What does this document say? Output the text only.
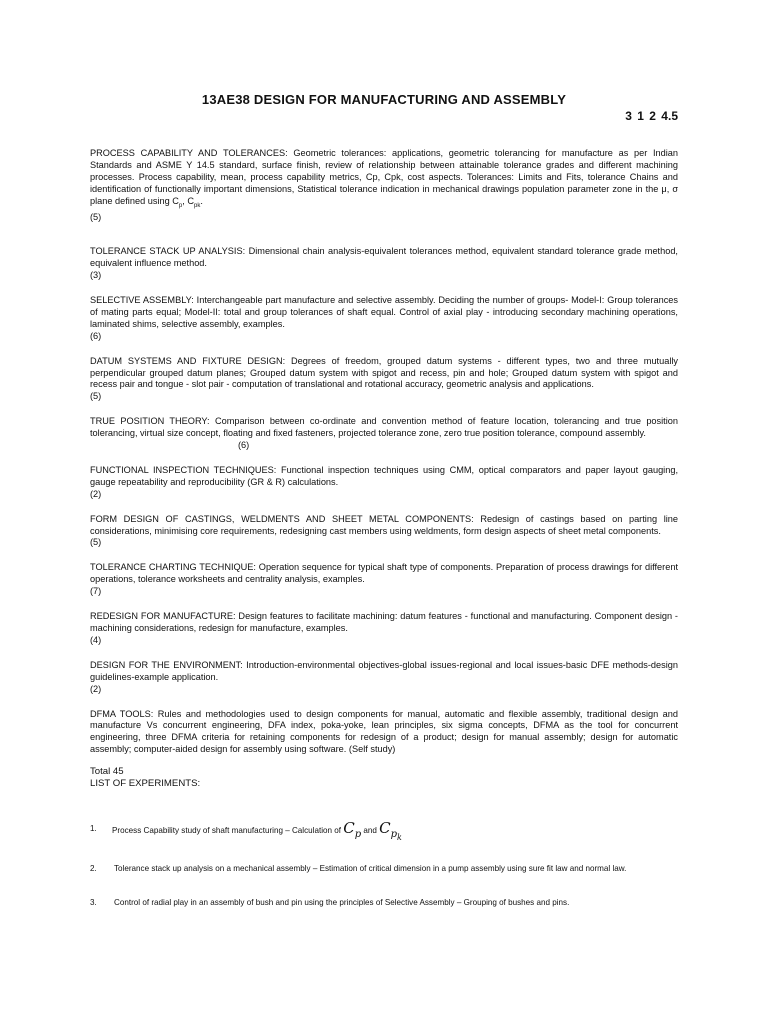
13AE38 DESIGN FOR MANUFACTURING AND ASSEMBLY
3 1 2 4.5

PROCESS CAPABILITY AND TOLERANCES: Geometric tolerances: applications, geometric tolerancing for manufacture as per Indian Standards and ASME Y 14.5 standard, surface finish, review of relationship between attainable tolerance grades and different machining processes. Process capability, mean, process capability metrics, Cp, Cpk, cost aspects. Tolerances: Limits and Fits, tolerance Chains and identification of functionally important dimensions, Statistical tolerance indication in mechanical drawings population parameter zone in the μ, σ plane defined using $C_p$, $C_{pk}$.

(5)

TOLERANCE STACK UP ANALYSIS: Dimensional chain analysis-equivalent tolerances method, equivalent standard tolerance grade method, equivalent influence method.

(3)

SELECTIVE ASSEMBLY: Interchangeable part manufacture and selective assembly. Deciding the number of groups- Model-I: Group tolerances of mating parts equal; Model-II: total and group tolerances of shaft equal. Control of axial play - introducing secondary machining operations, laminated shims, selective assembly, examples.

(6)

DATUM SYSTEMS AND FIXTURE DESIGN: Degrees of freedom, grouped datum systems - different types, two and three mutually perpendicular grouped datum planes; Grouped datum system with spigot and recess, pin and hole; Grouped datum system with spigot and recess pair and tongue - slot pair - computation of translational and rotational accuracy, geometric analysis and applications.

(5)

TRUE POSITION THEORY: Comparison between co-ordinate and convention method of feature location, tolerancing and true position tolerancing, virtual size concept, floating and fixed fasteners, projected tolerance zone, zero true position tolerance, compound assembly.

(6)

FUNCTIONAL INSPECTION TECHNIQUES: Functional inspection techniques using CMM, optical comparators and paper layout gauging, gauge repeatability and reproducibility (GR & R) calculations.

(2)

FORM DESIGN OF CASTINGS, WELDMENTS AND SHEET METAL COMPONENTS: Redesign of castings based on parting line considerations, minimising core requirements, redesigning cast members using weldments, form design aspects of sheet metal components.

(5)

TOLERANCE CHARTING TECHNIQUE: Operation sequence for typical shaft type of components. Preparation of process drawings for different operations, tolerance worksheets and centrality analysis, examples.

(7)

REDESIGN FOR MANUFACTURE: Design features to facilitate machining: datum features - functional and manufacturing. Component design - machining considerations, redesign for manufacture, examples.

(4)

DESIGN FOR THE ENVIRONMENT: Introduction-environmental objectives-global issues-regional and local issues-basic DFE methods-design guidelines-example application.

(2)

DFMA TOOLS: Rules and methodologies used to design components for manual, automatic and flexible assembly, traditional design and manufacture Vs concurrent engineering, DFA index, poka-yoke, lean principles, six sigma concepts, DFMA as the tool for concurrent engineering, three DFMA criteria for retaining components for redesign of a product; design for manual assembly; design for automatic assembly; computer-aided design for assembly using software. (Self study)

Total 45

LIST OF EXPERIMENTS:

1. Process Capability study of shaft manufacturing – Calculation of $C_p$ and $C_{p_k}$
2. Tolerance stack up analysis on a mechanical assembly – Estimation of critical dimension in a pump assembly using sure fit law and normal law.
3. Control of radial play in an assembly of bush and pin using the principles of Selective Assembly – Grouping of bushes and pins.
